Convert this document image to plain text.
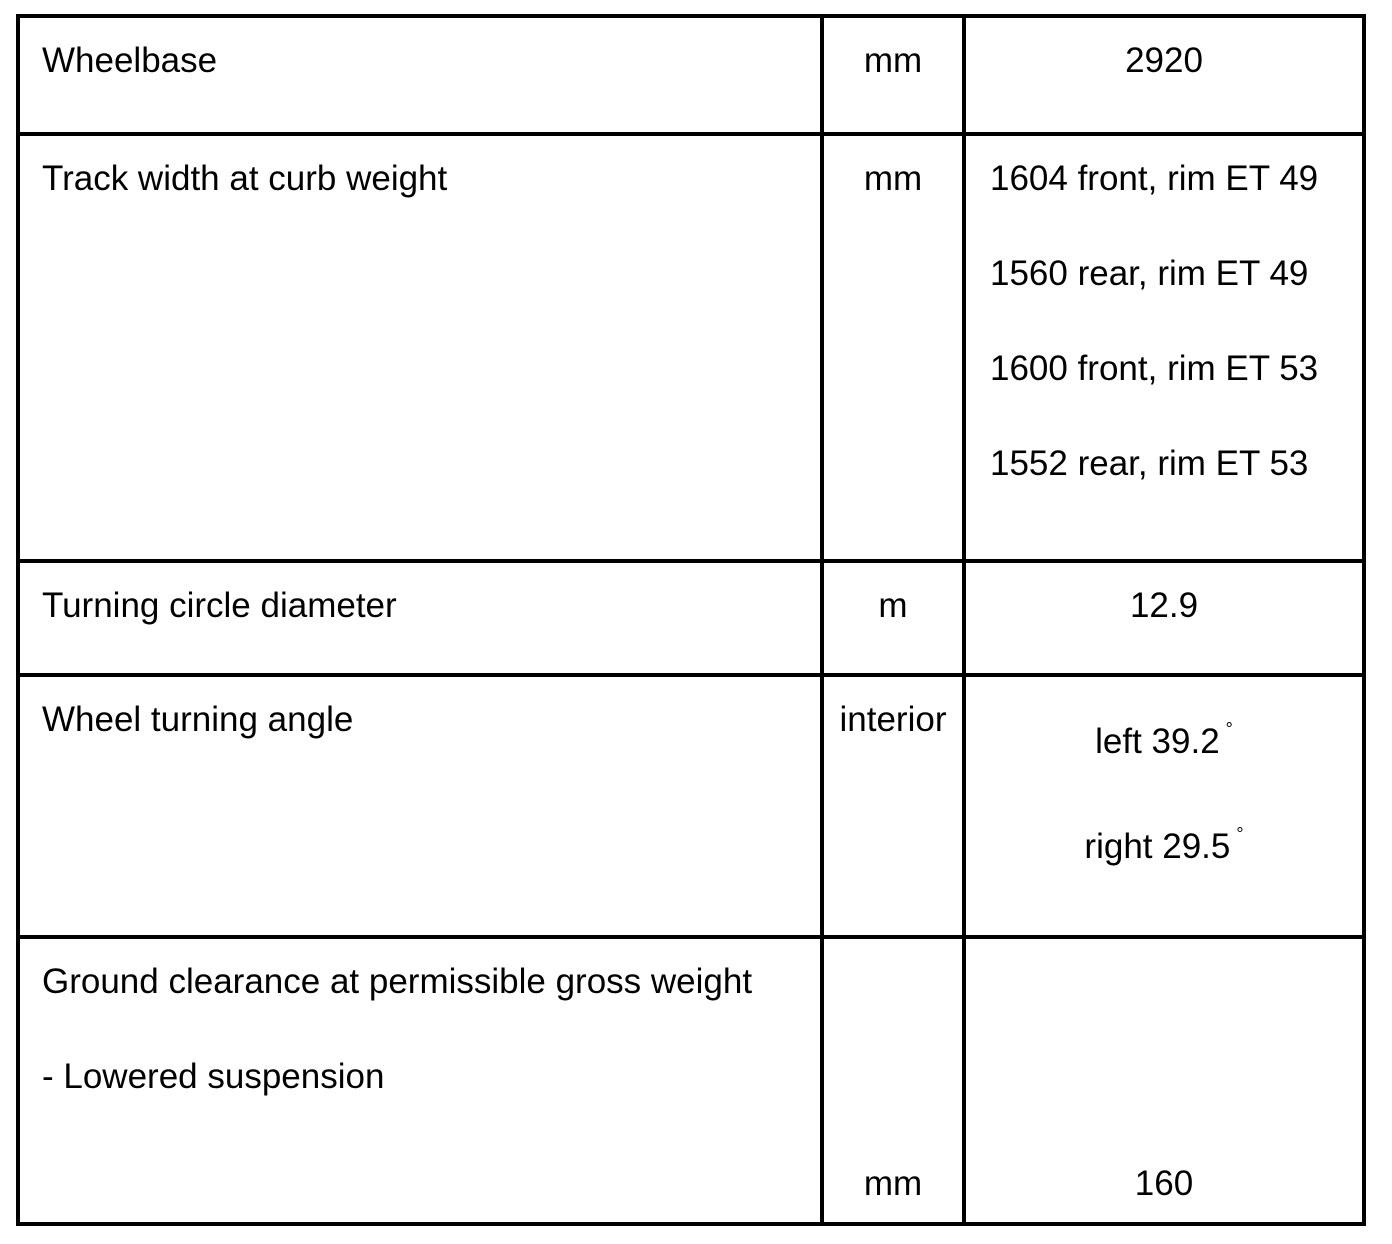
Wheelbase	mm	2920

Track width at curb weight	mm	1604 front, rim ET 49
1560 rear, rim ET 49
1600 front, rim ET 53
1552 rear, rim ET 53

Turning circle diameter	m	12.9

Wheel turning angle	interior	left 39.2 °
right 29.5 °

Ground clearance at permissible gross weight
- Lowered suspension	mm	160
